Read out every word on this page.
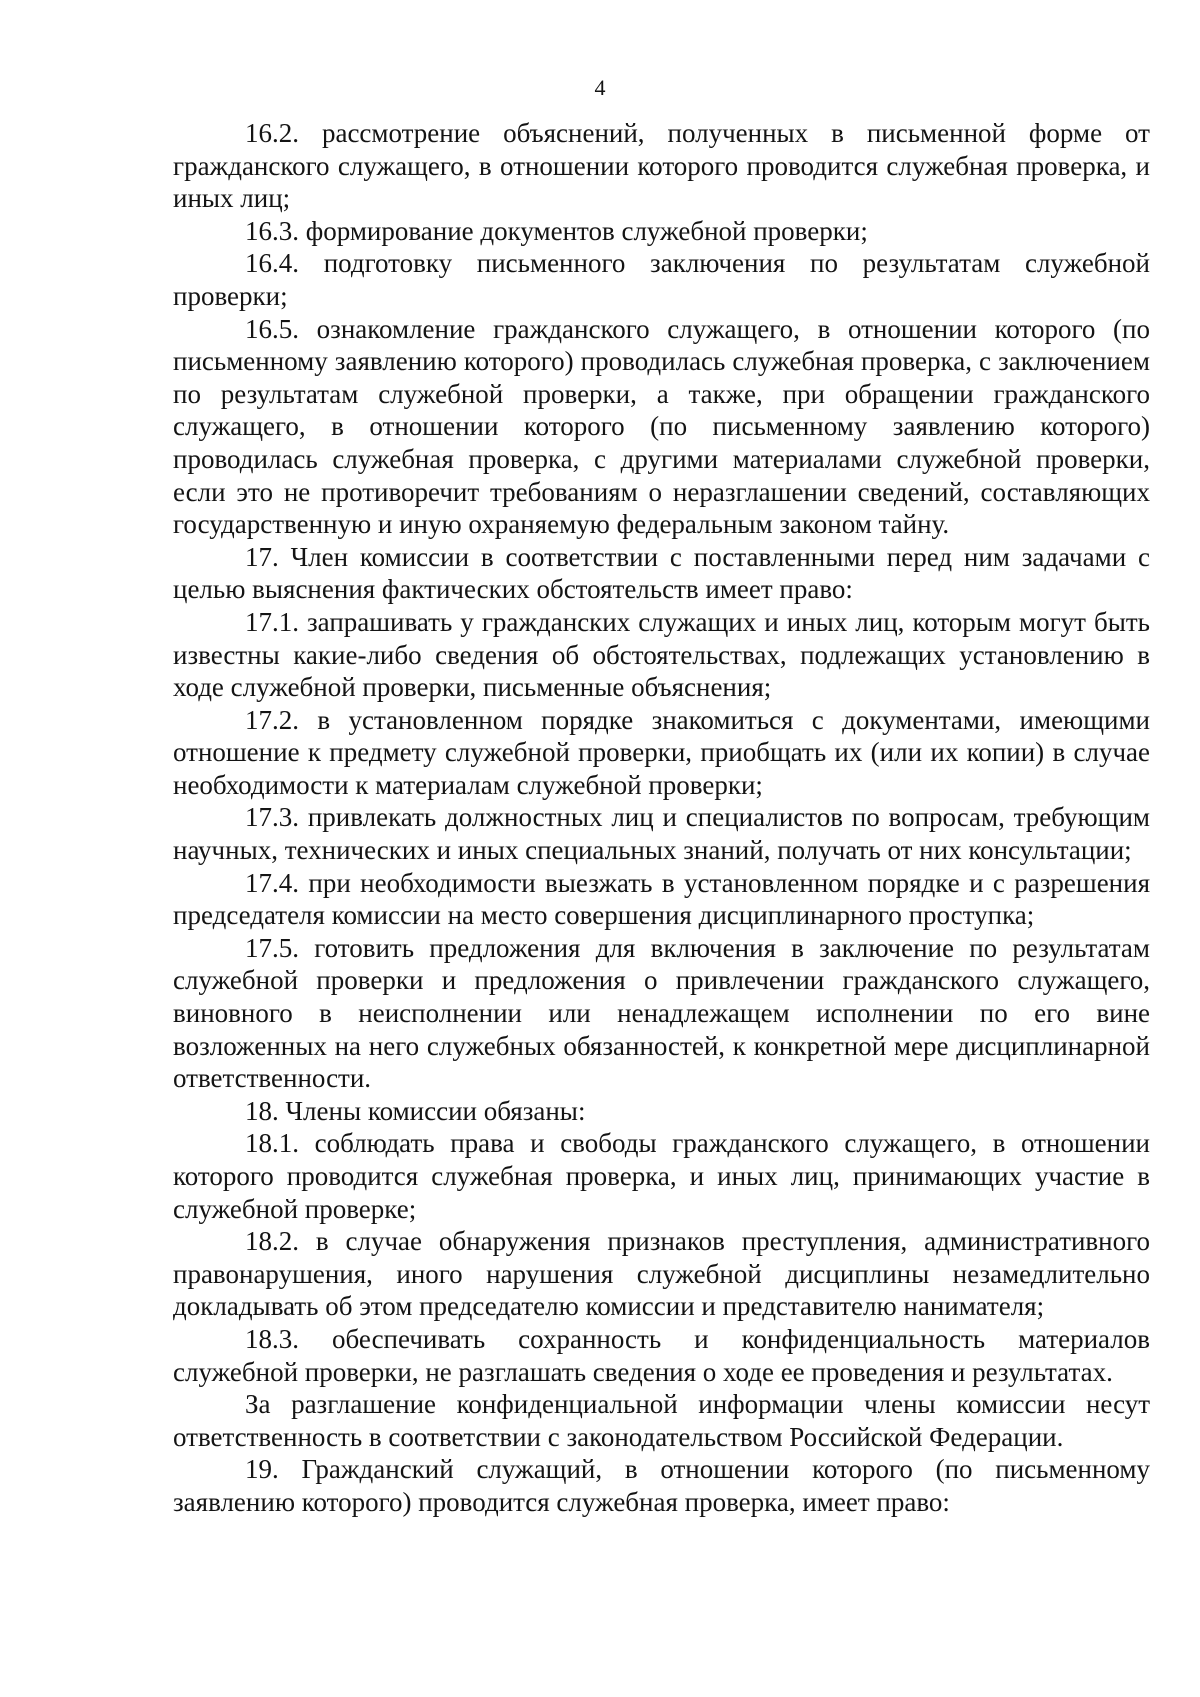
4

16.2. рассмотрение объяснений, полученных в письменной форме от гражданского служащего, в отношении которого проводится служебная проверка, и иных лиц;

16.3. формирование документов служебной проверки;

16.4. подготовку письменного заключения по результатам служебной проверки;

16.5. ознакомление гражданского служащего, в отношении которого (по письменному заявлению которого) проводилась служебная проверка, с заключением по результатам служебной проверки, а также, при обращении гражданского служащего, в отношении которого (по письменному заявлению которого) проводилась служебная проверка, с другими материалами служебной проверки, если это не противоречит требованиям о неразглашении сведений, составляющих государственную и иную охраняемую федеральным законом тайну.

17. Член комиссии в соответствии с поставленными перед ним задачами с целью выяснения фактических обстоятельств имеет право:

17.1. запрашивать у гражданских служащих и иных лиц, которым могут быть известны какие-либо сведения об обстоятельствах, подлежащих установлению в ходе служебной проверки, письменные объяснения;

17.2. в установленном порядке знакомиться с документами, имеющими отношение к предмету служебной проверки, приобщать их (или их копии) в случае необходимости к материалам служебной проверки;

17.3. привлекать должностных лиц и специалистов по вопросам, требующим научных, технических и иных специальных знаний, получать от них консультации;

17.4. при необходимости выезжать в установленном порядке и с разрешения председателя комиссии на место совершения дисциплинарного проступка;

17.5. готовить предложения для включения в заключение по результатам служебной проверки и предложения о привлечении гражданского служащего, виновного в неисполнении или ненадлежащем исполнении по его вине возложенных на него служебных обязанностей, к конкретной мере дисциплинарной ответственности.

18. Члены комиссии обязаны:

18.1. соблюдать права и свободы гражданского служащего, в отношении которого проводится служебная проверка, и иных лиц, принимающих участие в служебной проверке;

18.2. в случае обнаружения признаков преступления, административного правонарушения, иного нарушения служебной дисциплины незамедлительно докладывать об этом председателю комиссии и представителю нанимателя;

18.3. обеспечивать сохранность и конфиденциальность материалов служебной проверки, не разглашать сведения о ходе ее проведения и результатах.

За разглашение конфиденциальной информации члены комиссии несут ответственность в соответствии с законодательством Российской Федерации.

19. Гражданский служащий, в отношении которого (по письменному заявлению которого) проводится служебная проверка, имеет право:
